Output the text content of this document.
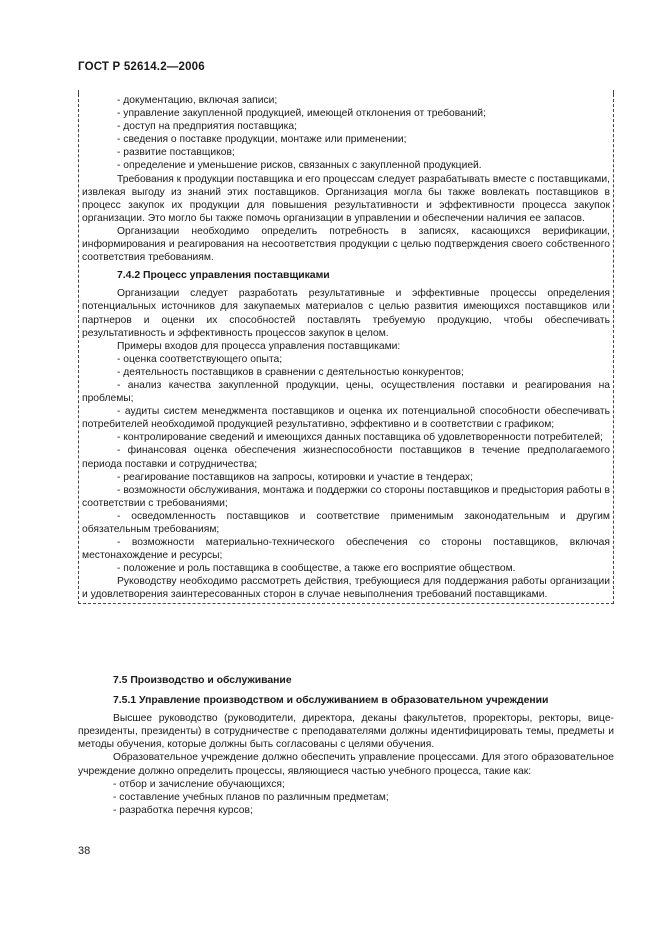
ГОСТ Р 52614.2—2006

- документацию, включая записи;

- управление закупленной продукцией, имеющей отклонения от требований;

- доступ на предприятия поставщика;

- сведения о поставке продукции, монтаже или применении;

- развитие поставщиков;

- определение и уменьшение рисков, связанных с закупленной продукцией.

Требования к продукции поставщика и его процессам следует разрабатывать вместе с поставщиками, извлекая выгоду из знаний этих поставщиков. Организация могла бы также вовлекать поставщиков в процесс закупок их продукции для повышения результативности и эффективности процесса закупок организации. Это могло бы также помочь организации в управлении и обеспечении наличия ее запасов.

Организации необходимо определить потребность в записях, касающихся верификации, информирования и реагирования на несоответствия продукции с целью подтверждения своего собственного соответствия требованиям.

7.4.2 Процесс управления поставщиками

Организации следует разработать результативные и эффективные процессы определения потенциальных источников для закупаемых материалов с целью развития имеющихся поставщиков или партнеров и оценки их способностей поставлять требуемую продукцию, чтобы обеспечивать результативность и эффективность процессов закупок в целом.

Примеры входов для процесса управления поставщиками:

- оценка соответствующего опыта;

- деятельность поставщиков в сравнении с деятельностью конкурентов;

- анализ качества закупленной продукции, цены, осуществления поставки и реагирования на проблемы;

- аудиты систем менеджмента поставщиков и оценка их потенциальной способности обеспечивать потребителей необходимой продукцией результативно, эффективно и в соответствии с графиком;

- контролирование сведений и имеющихся данных поставщика об удовлетворенности потребителей;

- финансовая оценка обеспечения жизнеспособности поставщиков в течение предполагаемого периода поставки и сотрудничества;

- реагирование поставщиков на запросы, котировки и участие в тендерах;

- возможности обслуживания, монтажа и поддержки со стороны поставщиков и предыстория работы в соответствии с требованиями;

- осведомленность поставщиков и соответствие применимым законодательным и другим обязательным требованиям;

- возможности материально-технического обеспечения со стороны поставщиков, включая местонахождение и ресурсы;

- положение и роль поставщика в сообществе, а также его восприятие обществом.

Руководству необходимо рассмотреть действия, требующиеся для поддержания работы организации и удовлетворения заинтересованных сторон в случае невыполнения требований поставщиками.

7.5 Производство и обслуживание

7.5.1 Управление производством и обслуживанием в образовательном учреждении

Высшее руководство (руководители, директора, деканы факультетов, проректоры, ректоры, вице-президенты, президенты) в сотрудничестве с преподавателями должны идентифицировать темы, предметы и методы обучения, которые должны быть согласованы с целями обучения.

Образовательное учреждение должно обеспечить управление процессами. Для этого образовательное учреждение должно определить процессы, являющиеся частью учебного процесса, такие как:

- отбор и зачисление обучающихся;

- составление учебных планов по различным предметам;

- разработка перечня курсов;

38
